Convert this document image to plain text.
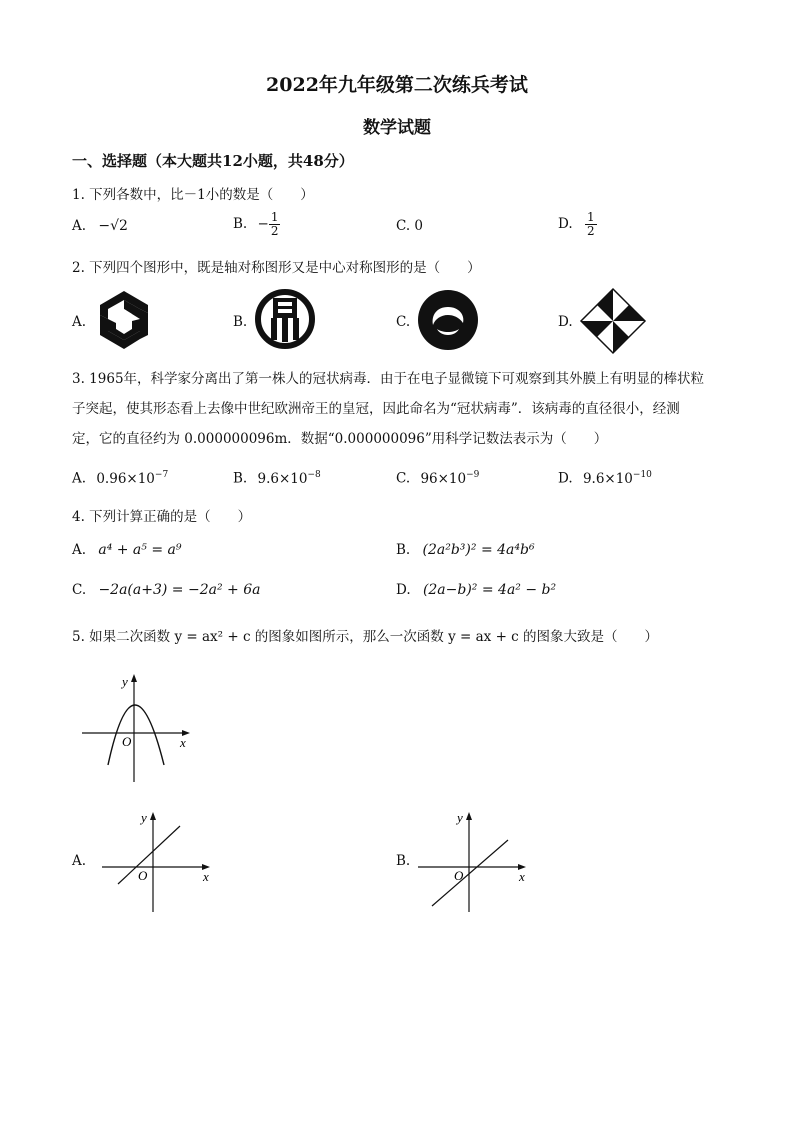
2022年九年级第二次练兵考试
数学试题
一、选择题（本大题共12小题，共48分）
1. 下列各数中，比－1小的数是（　　）
A. −√2	B. − $\frac{1}{2}$	C. 0	D. $\frac{1}{2}$
2. 下列四个图形中，既是轴对称图形又是中心对称图形的是（　　）
A.	B.	C.	D.
3. 1965年，科学家分离出了第一株人的冠状病毒．由于在电子显微镜下可观察到其外膜上有明显的棒状粒
子突起，使其形态看上去像中世纪欧洲帝王的皇冠，因此命名为“冠状病毒”．该病毒的直径很小，经测
定，它的直径约为 0.000000096m．数据“0.000000096”用科学记数法表示为（　　）
A. $0.96\times 10^{-7}$	B. $9.6\times 10^{-8}$	C. $96\times 10^{-9}$	D. $9.6\times 10^{-10}$
4. 下列计算正确的是（　　）
A. a⁴ + a⁵ = a⁹	B. (2a²b³)² = 4a⁴b⁶
C. −2a(a+3) = −2a² + 6a	D. (2a−b)² = 4a² − b²
5. 如果二次函数 y = ax² + c 的图象如图所示，那么一次函数 y = ax + c 的图象大致是（　　）
y
O	x
A.
y
O	x
B.
y
O	x
